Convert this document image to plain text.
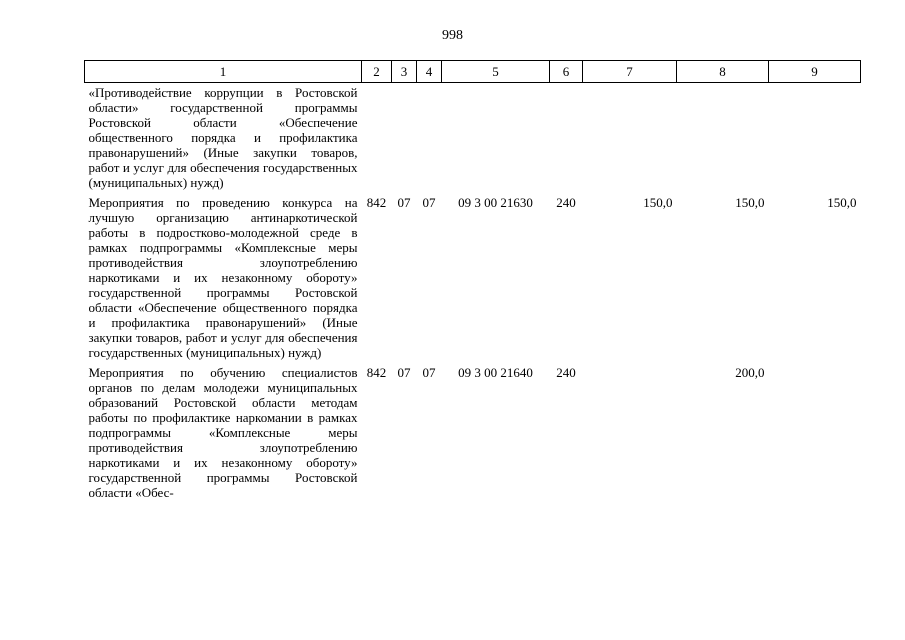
998
1	2	3	4	5	6	7	8	9
«Противодействие коррупции в Ростовской области» государственной программы Ростовской области «Обеспечение общественного порядка и профилактика правонарушений» (Иные закупки товаров, работ и услуг для обеспечения государственных (муниципальных) нужд)								
Мероприятия по проведению конкурса на лучшую организацию антинаркотической работы в подростково-молодежной среде в рамках подпрограммы «Комплексные меры противодействия злоупотреблению наркотиками и их незаконному обороту» государственной программы Ростовской области «Обеспечение общественного порядка и профилактика правонарушений» (Иные закупки товаров, работ и услуг для обеспечения государственных (муниципальных) нужд)	842	07	07	09 3 00 21630	240	150,0	150,0	150,0
Мероприятия по обучению специалистов органов по делам молодежи муниципальных образований Ростовской области методам работы по профилактике наркомании в рамках подпрограммы «Комплексные меры противодействия злоупотреблению наркотиками и их незаконному обороту» государственной программы Ростовской области «Обес-	842	07	07	09 3 00 21640	240		200,0	
